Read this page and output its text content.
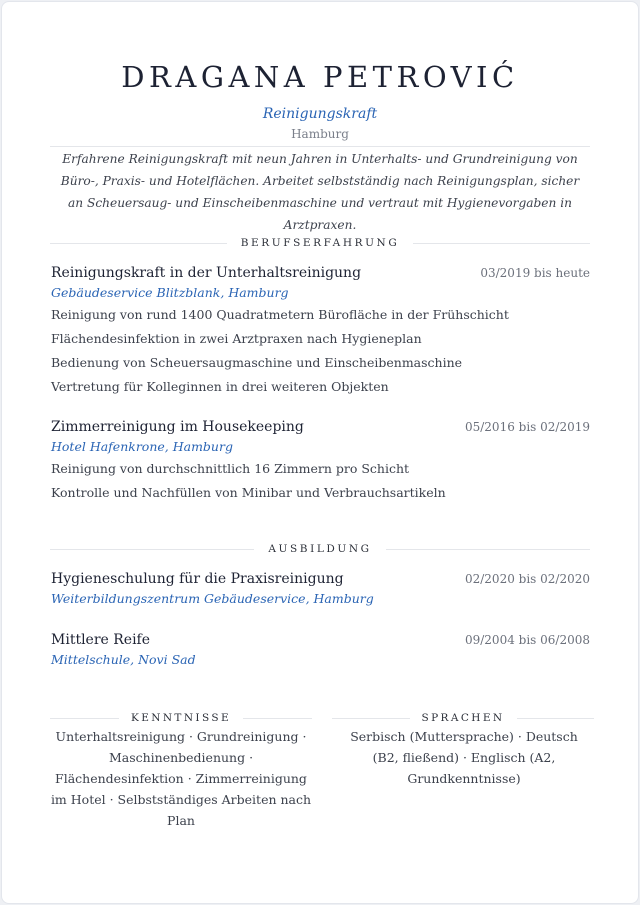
DRAGANA PETROVIĆ
Reinigungskraft
Hamburg

Erfahrene Reinigungskraft mit neun Jahren in Unterhalts- und Grundreinigung von Büro-, Praxis- und Hotelflächen. Arbeitet selbstständig nach Reinigungsplan, sicher an Scheuersaug- und Einscheibenmaschine und vertraut mit Hygienevorgaben in Arztpraxen.

BERUFSERFAHRUNG
Reinigungskraft in der Unterhaltsreinigung	03/2019 bis heute
Gebäudeservice Blitzblank, Hamburg
Reinigung von rund 1400 Quadratmetern Bürofläche in der Frühschicht
Flächendesinfektion in zwei Arztpraxen nach Hygieneplan
Bedienung von Scheuersaugmaschine und Einscheibenmaschine
Vertretung für Kolleginnen in drei weiteren Objekten
Zimmerreinigung im Housekeeping	05/2016 bis 02/2019
Hotel Hafenkrone, Hamburg
Reinigung von durchschnittlich 16 Zimmern pro Schicht
Kontrolle und Nachfüllen von Minibar und Verbrauchsartikeln
AUSBILDUNG
Hygieneschulung für die Praxisreinigung	02/2020 bis 02/2020
Weiterbildungszentrum Gebäudeservice, Hamburg
Mittlere Reife	09/2004 bis 06/2008
Mittelschule, Novi Sad
KENNTNISSE

Unterhaltsreinigung · Grundreinigung · Maschinenbedienung · Flächendesinfektion · Zimmerreinigung im Hotel · Selbstständiges Arbeiten nach Plan

SPRACHEN

Serbisch (Muttersprache) · Deutsch (B2, fließend) · Englisch (A2, Grundkenntnisse)
